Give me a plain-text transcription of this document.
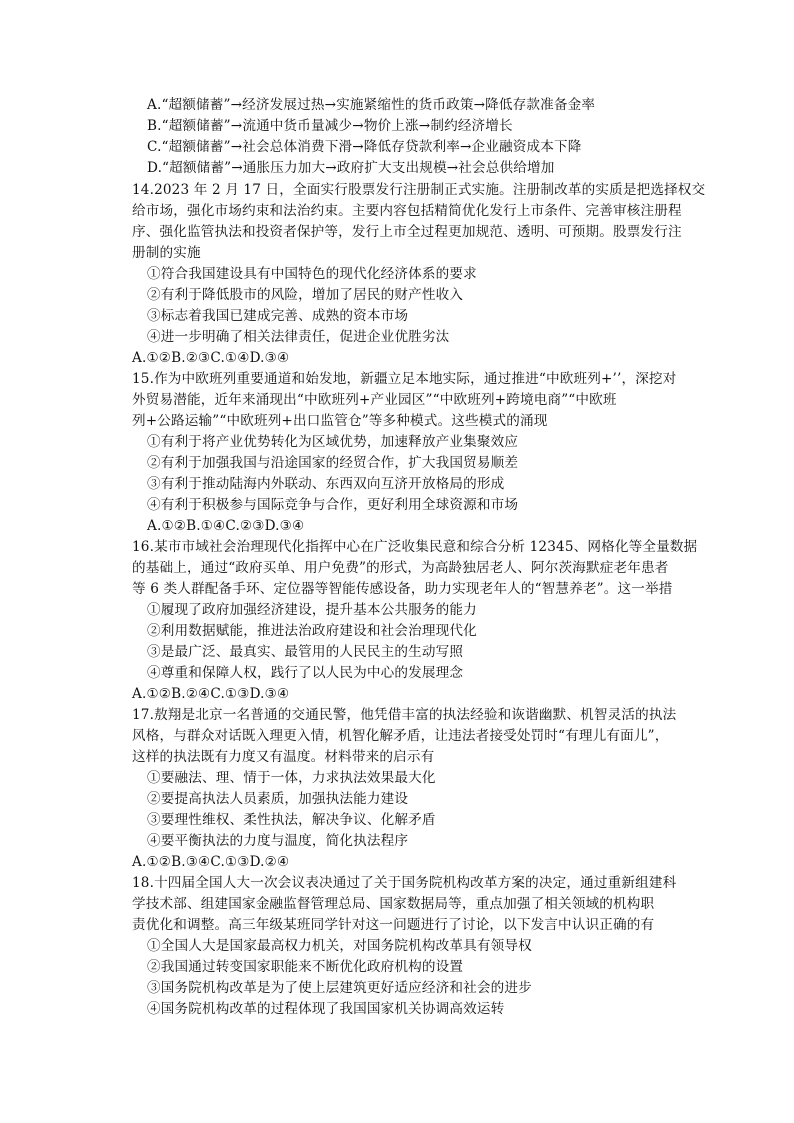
A.“超额储蓄”→经济发展过热→实施紧缩性的货币政策→降低存款准备金率
B.“超额储蓄”→流通中货币量减少→物价上涨→制约经济增长
C.“超额储蓄”→社会总体消费下滑→降低存贷款利率→企业融资成本下降
D.“超额储蓄”→通胀压力加大→政府扩大支出规模→社会总供给增加
14.2023 年 2 月 17 日，全面实行股票发行注册制正式实施。注册制改革的实质是把选择权交
给市场，强化市场约束和法治约束。主要内容包括精简优化发行上市条件、完善审核注册程
序、强化监管执法和投资者保护等，发行上市全过程更加规范、透明、可预期。股票发行注
册制的实施
①符合我国建设具有中国特色的现代化经济体系的要求
②有利于降低股市的风险，增加了居民的财产性收入
③标志着我国已建成完善、成熟的资本市场
④进一步明确了相关法律责任，促进企业优胜劣汰
A.①②B.②③C.①④D.③④
15.作为中欧班列重要通道和始发地，新疆立足本地实际，通过推进“中欧班列+’’，深挖对
外贸易潜能，近年来涌现出“中欧班列+产业园区”“中欧班列+跨境电商”“中欧班
列+公路运输”“中欧班列+出口监管仓”等多种模式。这些模式的涌现
①有利于将产业优势转化为区域优势，加速释放产业集聚效应
②有利于加强我国与沿途国家的经贸合作，扩大我国贸易顺差
③有利于推动陆海内外联动、东西双向互济开放格局的形成
④有利于积极参与国际竞争与合作，更好利用全球资源和市场
A.①②B.①④C.②③D.③④
16.某市市域社会治理现代化指挥中心在广泛收集民意和综合分析 12345、网格化等全量数据
的基础上，通过“政府买单、用户免费”的形式，为高龄独居老人、阿尔茨海默症老年患者
等 6 类人群配备手环、定位器等智能传感设备，助力实现老年人的“智慧养老”。这一举措
①履现了政府加强经济建设，提升基本公共服务的能力
②利用数据赋能，推进法治政府建设和社会治理现代化
③是最广泛、最真实、最管用的人民民主的生动写照
④尊重和保障人权，践行了以人民为中心的发展理念
A.①②B.②④C.①③D.③④
17.敖翔是北京一名普通的交通民警，他凭借丰富的执法经验和诙谐幽默、机智灵活的执法
风格，与群众对话既入理更入情，机智化解矛盾，让违法者接受处罚时“有理儿有面儿”，
这样的执法既有力度又有温度。材料带来的启示有
①要融法、理、情于一体，力求执法效果最大化
②要提高执法人员素质，加强执法能力建设
③要理性维权、柔性执法，解决争议、化解矛盾
④要平衡执法的力度与温度，简化执法程序
A.①②B.③④C.①③D.②④
18.十四届全国人大一次会议表决通过了关于国务院机构改革方案的决定，通过重新组建科
学技术部、组建国家金融监督管理总局、国家数据局等，重点加强了相关领域的机构职
责优化和调整。高三年级某班同学针对这一问题进行了讨论，以下发言中认识正确的有
①全国人大是国家最高权力机关，对国务院机构改革具有领导权
②我国通过转变国家职能来不断优化政府机构的设置
③国务院机构改革是为了使上层建筑更好适应经济和社会的进步
④国务院机构改革的过程体现了我国国家机关协调高效运转
